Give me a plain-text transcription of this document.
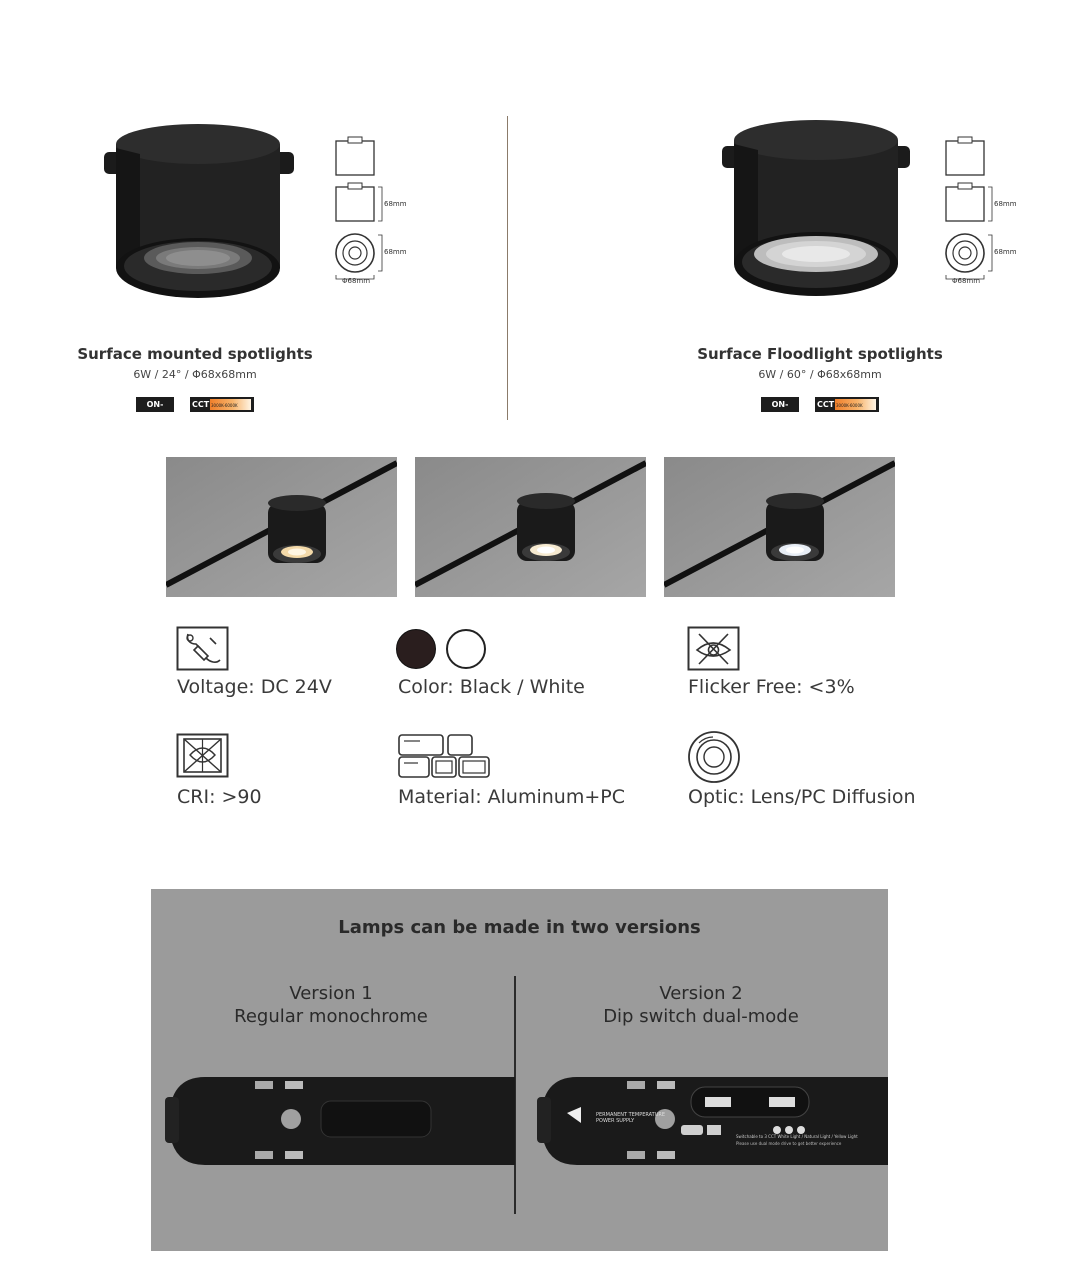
68mm
68mm
Φ68mm
Surface mounted spotlights
6W / 24° / Φ68x68mm
ON-OFF
CCT 3000K-6000K
68mm
68mm
Φ68mm
Surface Floodlight spotlights
6W / 60° / Φ68x68mm
ON-OFF
CCT 3000K-6000K
Voltage: DC 24V	Color: Black / White	Flicker Free: <3%
CRI: >90	Material: Aluminum+PC	Optic: Lens/PC Diffusion
Lamps can be made in two versions
Version 1
Regular monochrome
Version 2
Dip switch dual-mode
PERMANENT TEMPERATURE
POWER SUPPLY
Switchable to 3 CCT White Light / Natural Light / Yellow Light
Please use dual mode drive to get better experience
